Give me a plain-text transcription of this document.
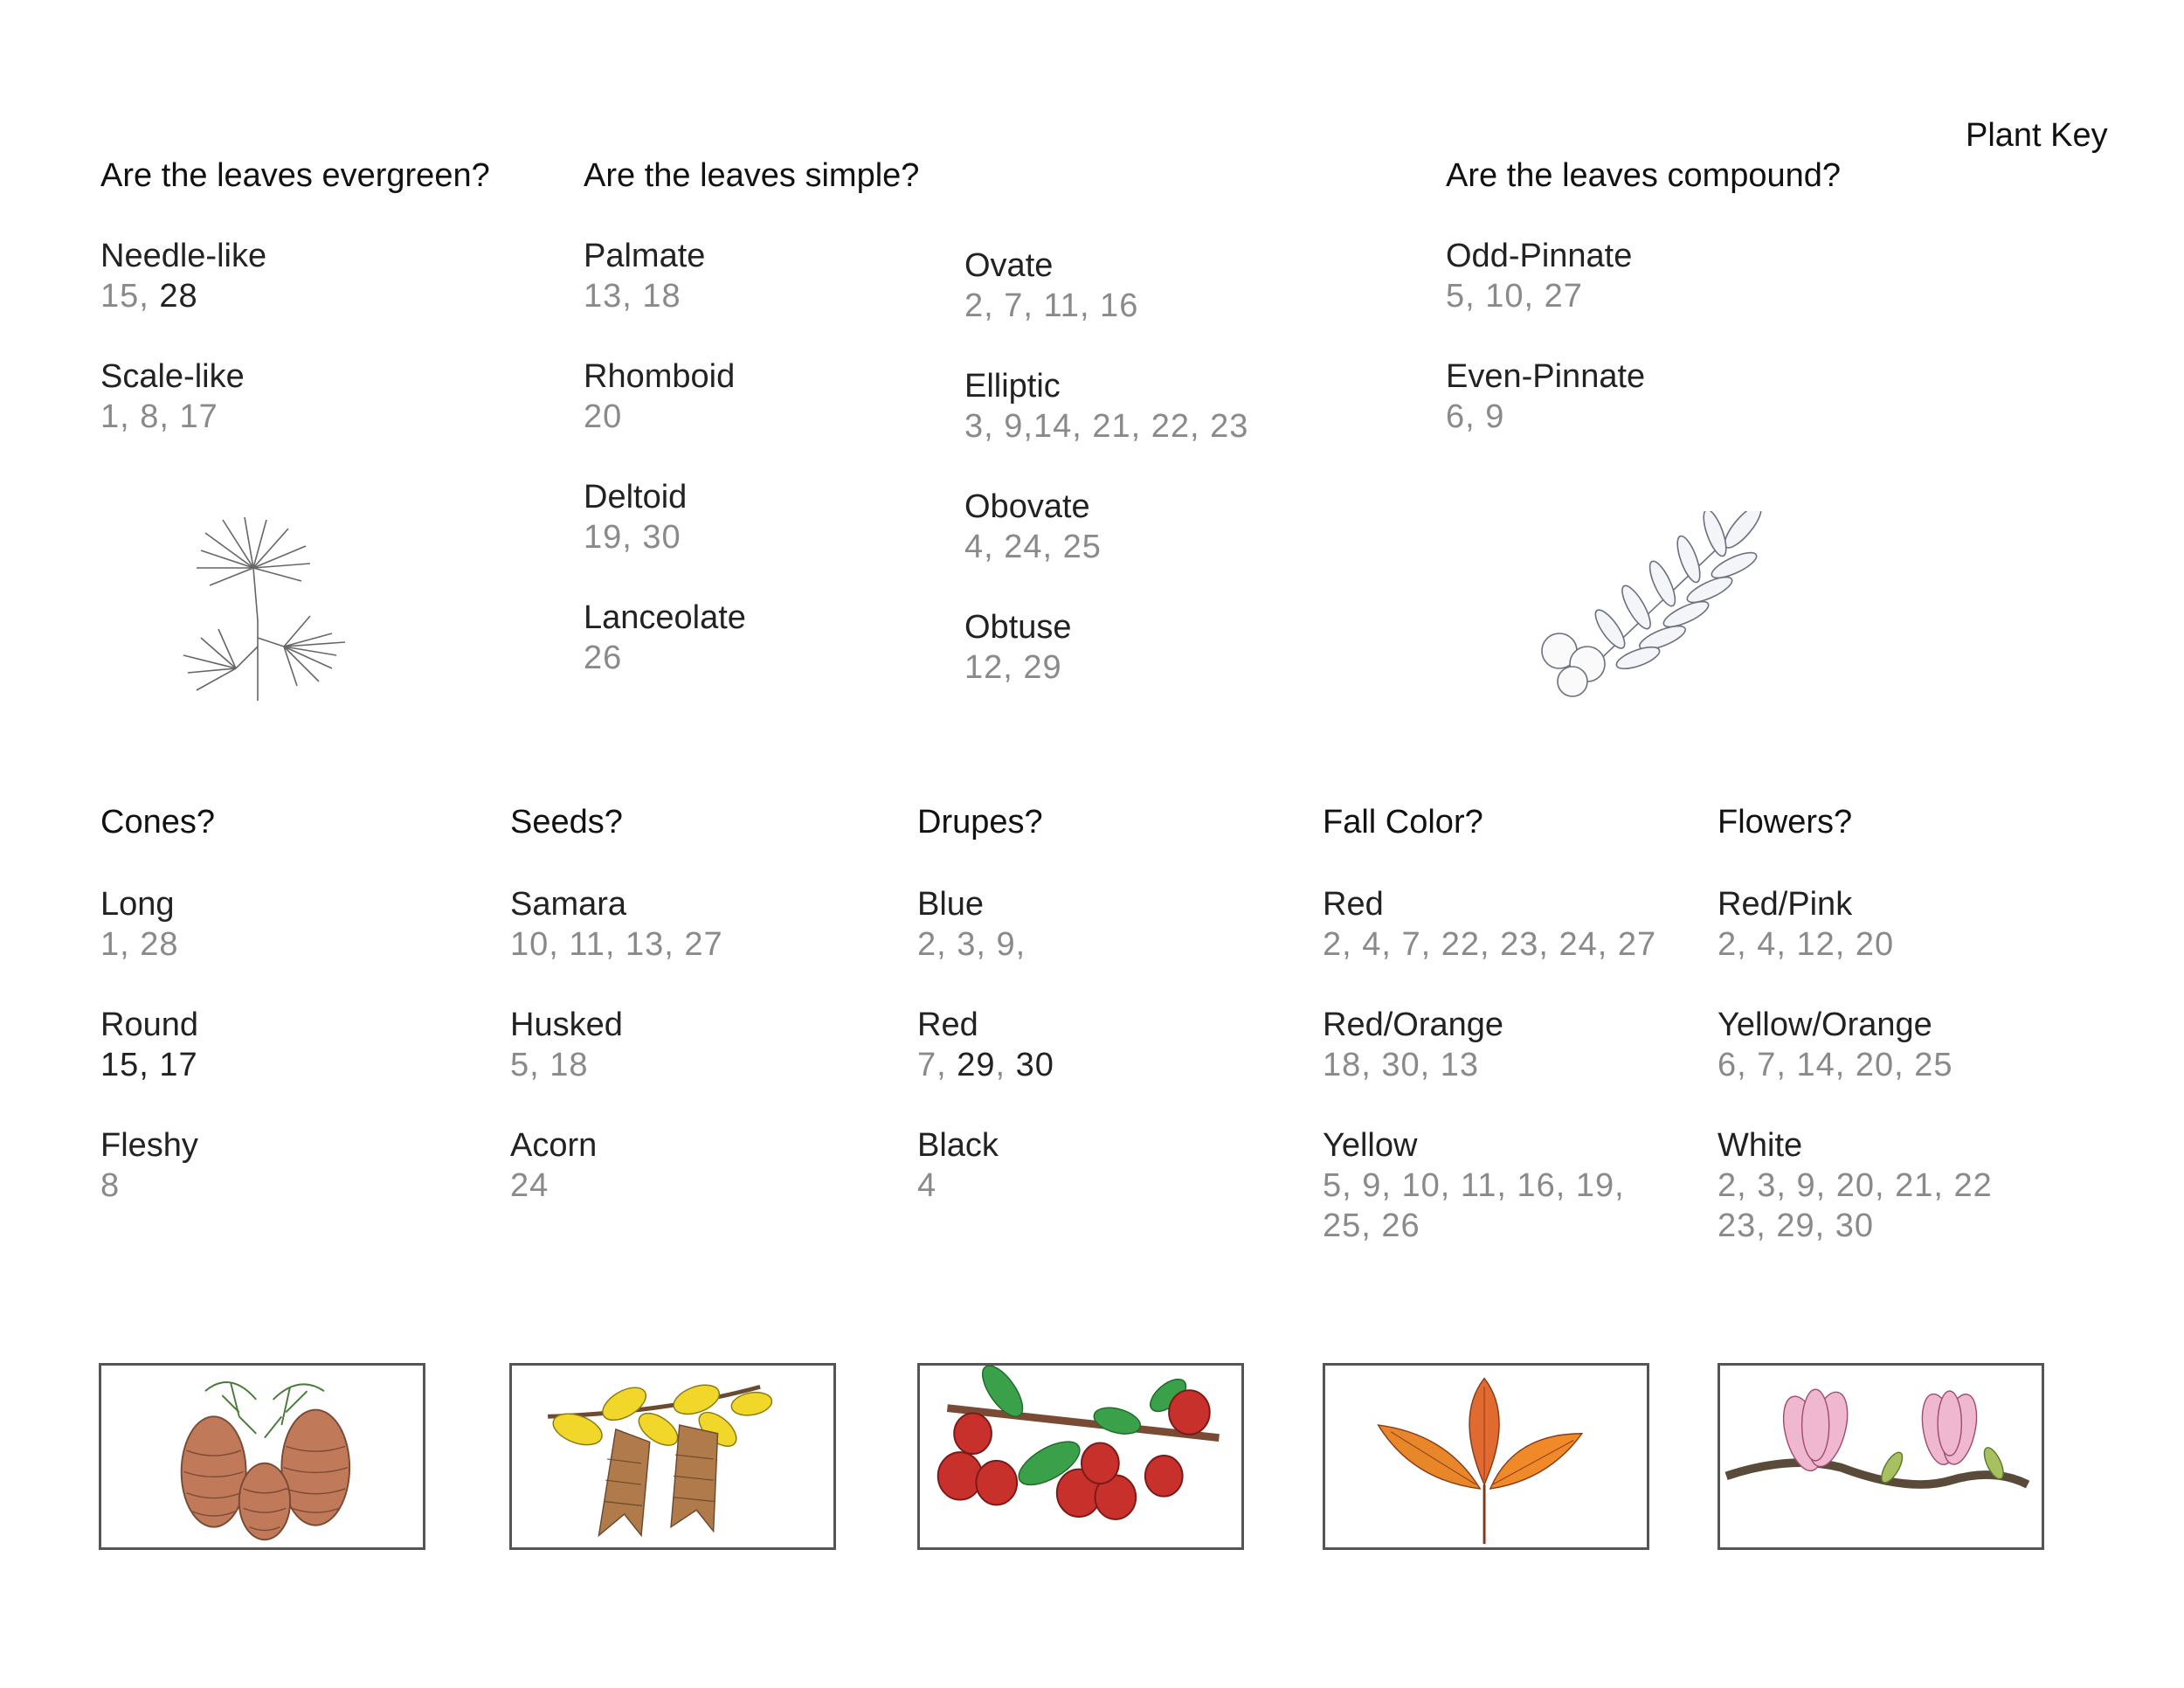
Plant Key
Are the leaves evergreen?
Needle-like
15, 28
Scale-like
1, 8, 17
Are the leaves simple?
Palmate
13, 18
Rhomboid
20
Deltoid
19, 30
Lanceolate
26
Ovate
2, 7, 11, 16
Elliptic
3, 9,14, 21, 22, 23
Obovate
4, 24, 25
Obtuse
12, 29
Are the leaves compound?
Odd-Pinnate
5, 10, 27
Even-Pinnate
6, 9
Cones?
Long
1, 28
Round
15, 17
Fleshy
8
Seeds?
Samara
10, 11, 13, 27
Husked
5, 18
Acorn
24
Drupes?
Blue
2, 3, 9,
Red
7, 29, 30
Black
4
Fall Color?
Red
2, 4, 7, 22, 23, 24, 27
Red/Orange
18, 30, 13
Yellow
5, 9, 10, 11, 16, 19,
25, 26
Flowers?
Red/Pink
2, 4, 12, 20
Yellow/Orange
6, 7, 14, 20, 25
White
2, 3, 9, 20, 21, 22
23, 29, 30
